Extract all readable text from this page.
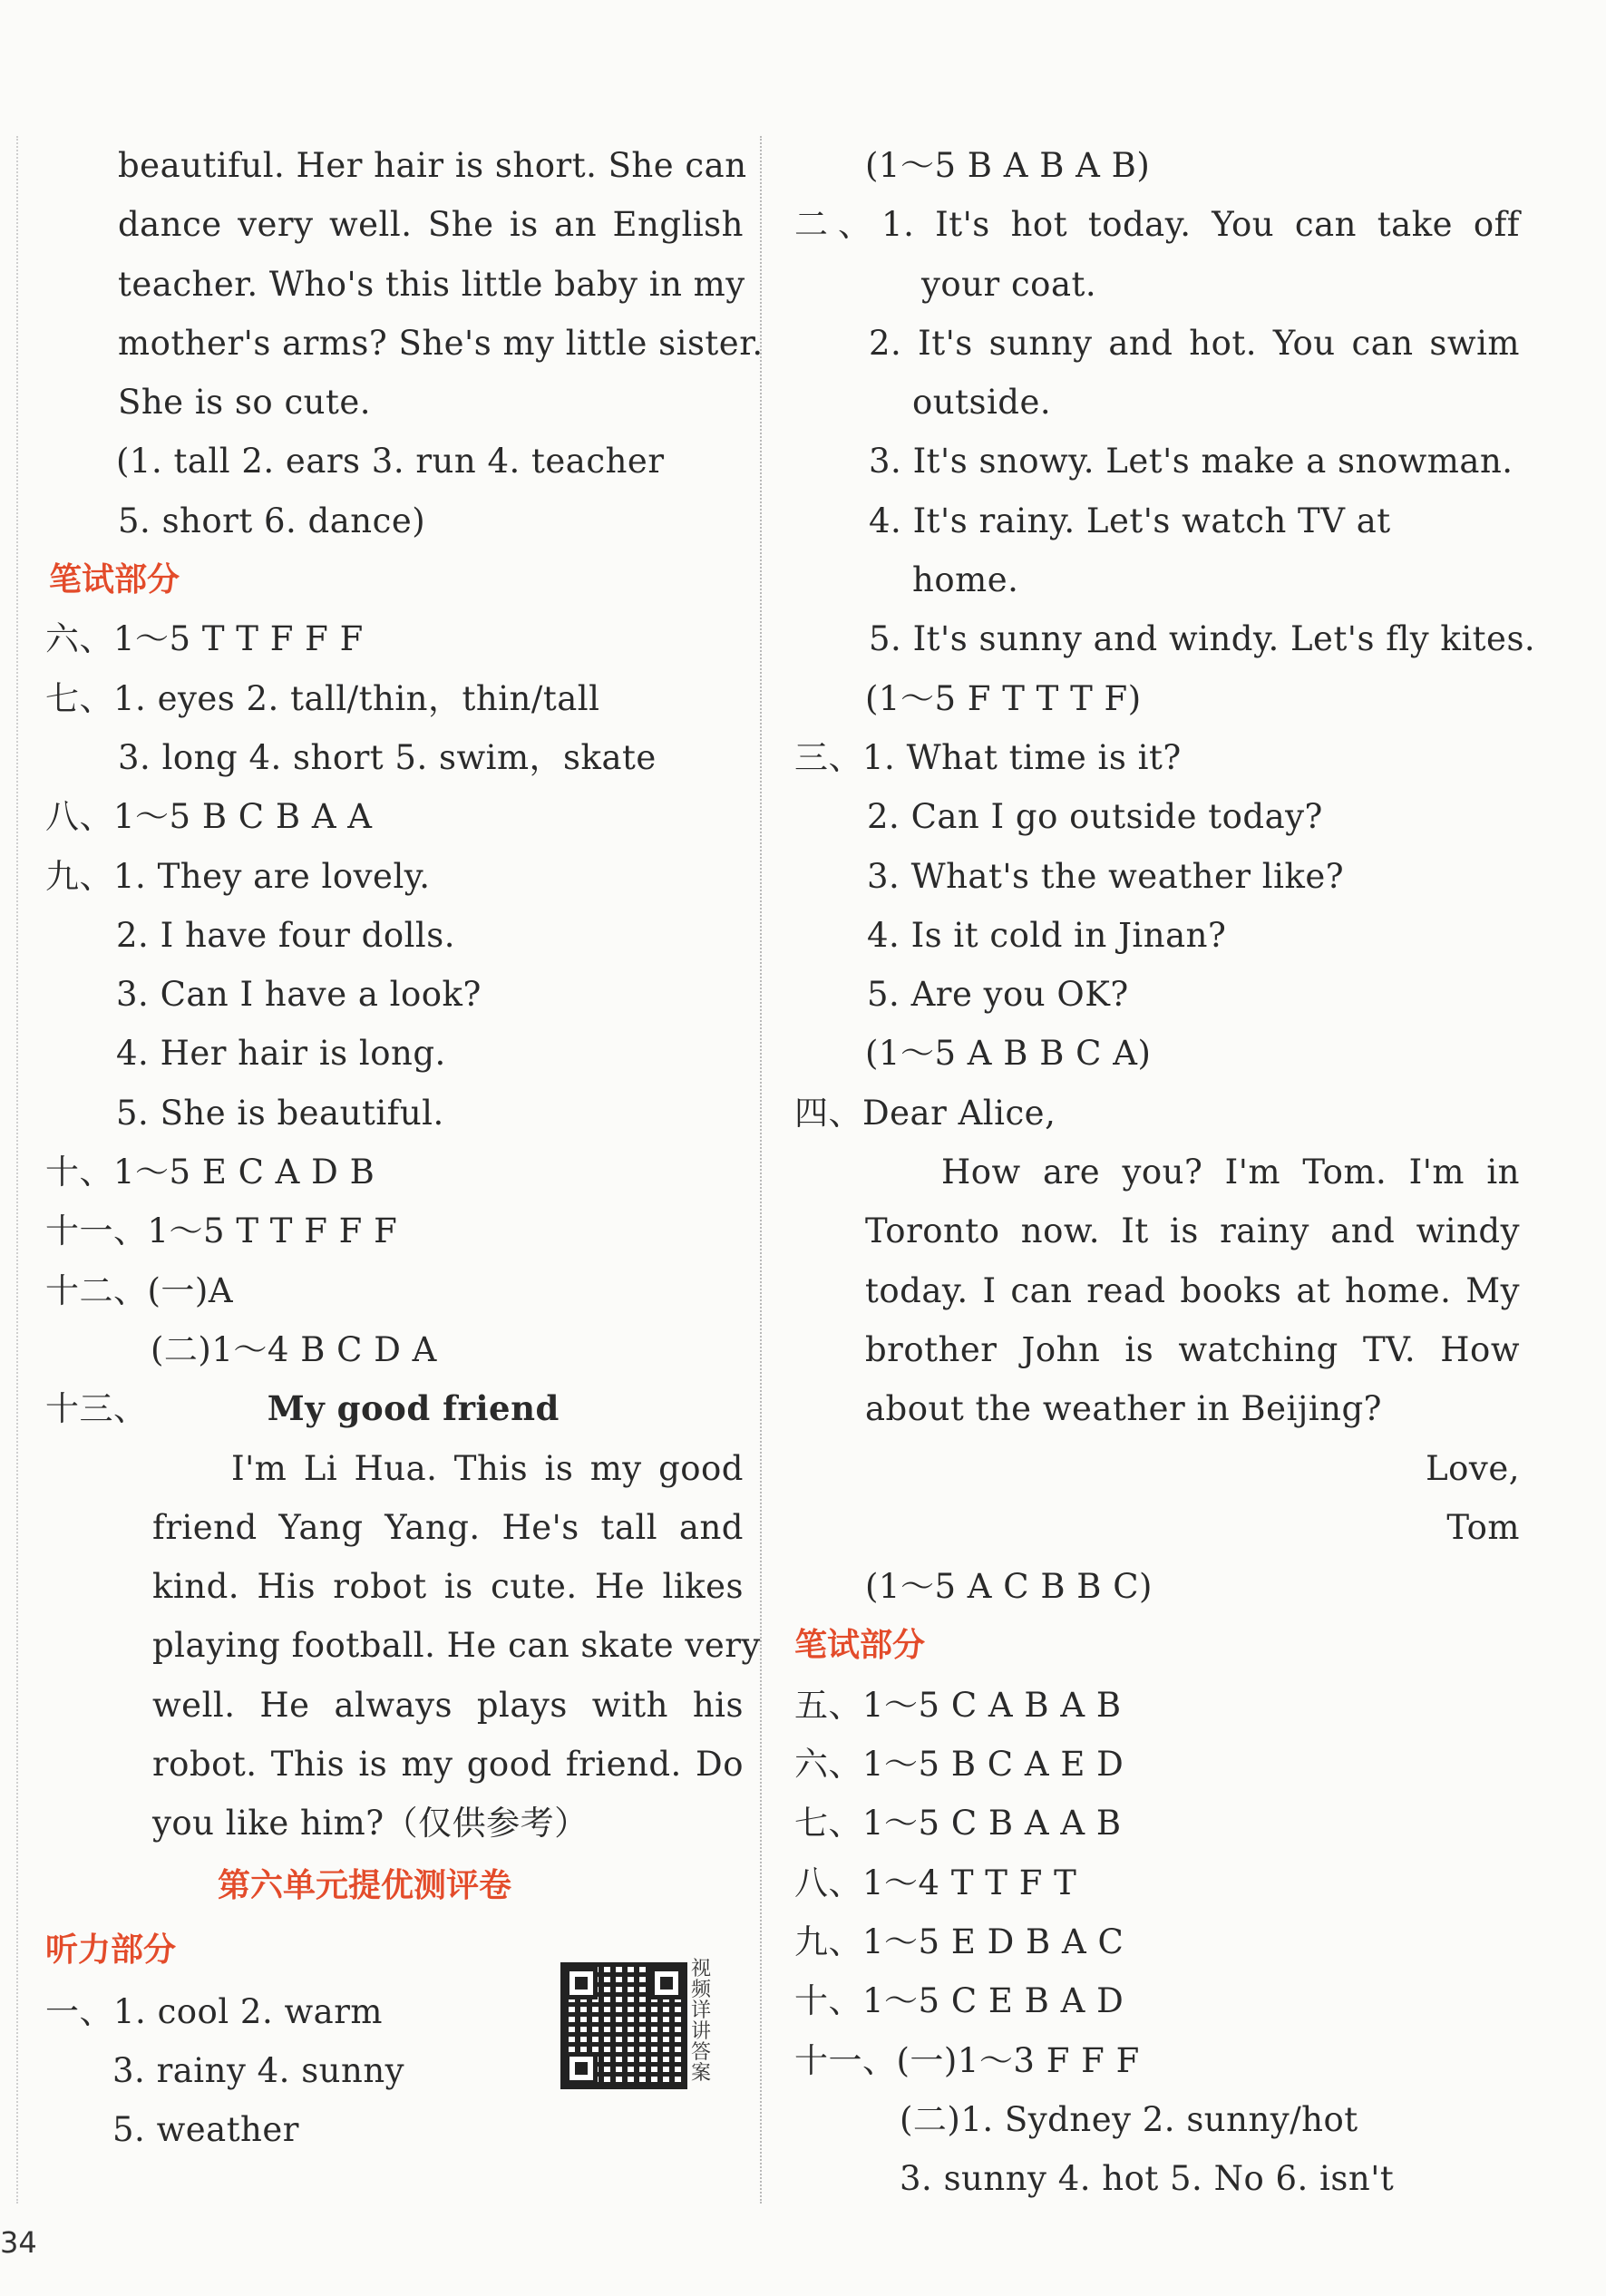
beautiful. Her hair is short. She can
dance very well. She is an English
teacher. Who's this little baby in my
mother's arms? She's my little sister.
She is so cute.
(1. tall 2. ears 3. run 4. teacher
5. short 6. dance)
笔试部分
六、1～5 T T F F F
七、1. eyes 2. tall/thin，thin/tall
3. long 4. short 5. swim，skate
八、1～5 B C B A A
九、1. They are lovely.
2. I have four dolls.
3. Can I have a look?
4. Her hair is long.
5. She is beautiful.
十、1～5 E C A D B
十一、1～5 T T F F F
十二、(一)A
(二)1～4 B C D A
十三、	My good friend
I'm Li Hua. This is my good
friend Yang Yang. He's tall and
kind. His robot is cute. He likes
playing football. He can skate very
well. He always plays with his
robot. This is my good friend. Do
you like him?（仅供参考）
第六单元提优测评卷
听力部分
一、1. cool 2. warm
3. rainy 4. sunny
5. weather
视频详讲答案
(1～5 B A B A B)
二、1. It's hot today. You can take off
your coat.
2. It's sunny and hot. You can swim
outside.
3. It's snowy. Let's make a snowman.
4. It's rainy. Let's watch TV at
home.
5. It's sunny and windy. Let's fly kites.
(1～5 F T T T F)
三、1. What time is it?
2. Can I go outside today?
3. What's the weather like?
4. Is it cold in Jinan?
5. Are you OK?
(1～5 A B B C A)
四、Dear Alice,
How are you? I'm Tom. I'm in
Toronto now. It is rainy and windy
today. I can read books at home. My
brother John is watching TV. How
about the weather in Beijing?
Love,
Tom
(1～5 A C B B C)
笔试部分
五、1～5 C A B A B
六、1～5 B C A E D
七、1～5 C B A A B
八、1～4 T T F T
九、1～5 E D B A C
十、1～5 C E B A D
十一、(一)1～3 F F F
(二)1. Sydney 2. sunny/hot
3. sunny 4. hot 5. No 6. isn't
34
